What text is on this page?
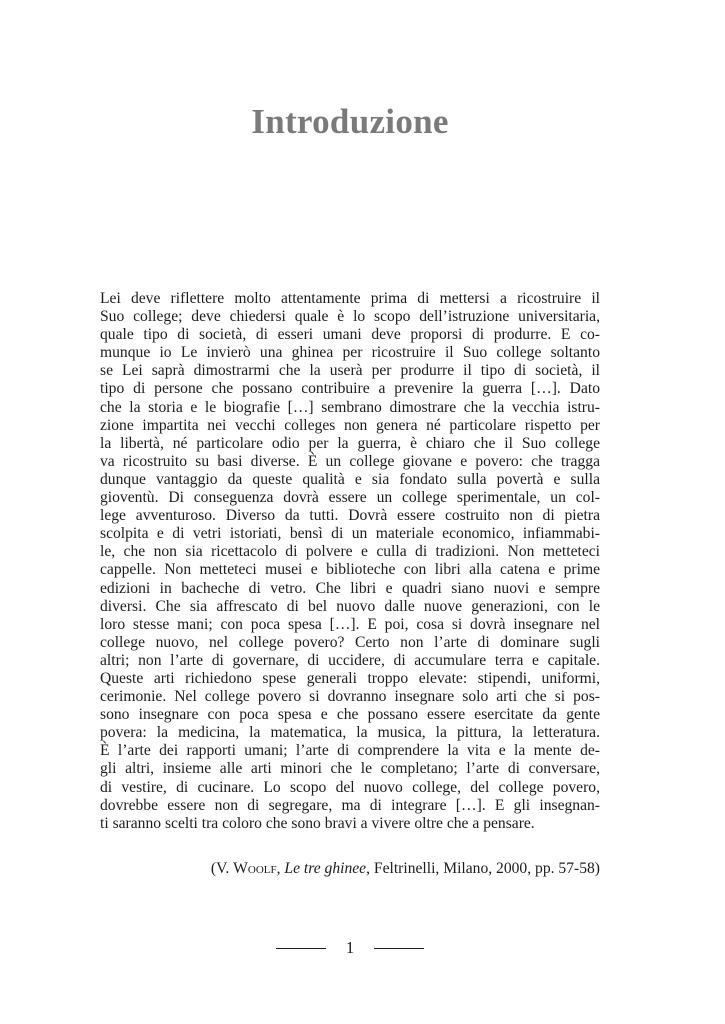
Introduzione
Lei deve riflettere molto attentamente prima di mettersi a ricostruire il
Suo college; deve chiedersi quale è lo scopo dell’istruzione universitaria,
quale tipo di società, di esseri umani deve proporsi di produrre. E co-
munque io Le invierò una ghinea per ricostruire il Suo college soltanto
se Lei saprà dimostrarmi che la userà per produrre il tipo di società, il
tipo di persone che possano contribuire a prevenire la guerra […]. Dato
che la storia e le biografie […] sembrano dimostrare che la vecchia istru-
zione impartita nei vecchi colleges non genera né particolare rispetto per
la libertà, né particolare odio per la guerra, è chiaro che il Suo college
va ricostruito su basi diverse. È un college giovane e povero: che tragga
dunque vantaggio da queste qualità e sia fondato sulla povertà e sulla
gioventù. Di conseguenza dovrà essere un college sperimentale, un col-
lege avventuroso. Diverso da tutti. Dovrà essere costruito non di pietra
scolpita e di vetri istoriati, bensì di un materiale economico, infiammabi-
le, che non sia ricettacolo di polvere e culla di tradizioni. Non metteteci
cappelle. Non metteteci musei e biblioteche con libri alla catena e prime
edizioni in bacheche di vetro. Che libri e quadri siano nuovi e sempre
diversi. Che sia affrescato di bel nuovo dalle nuove generazioni, con le
loro stesse mani; con poca spesa […]. E poi, cosa si dovrà insegnare nel
college nuovo, nel college povero? Certo non l’arte di dominare sugli
altri; non l’arte di governare, di uccidere, di accumulare terra e capitale.
Queste arti richiedono spese generali troppo elevate: stipendi, uniformi,
cerimonie. Nel college povero si dovranno insegnare solo arti che si pos-
sono insegnare con poca spesa e che possano essere esercitate da gente
povera: la medicina, la matematica, la musica, la pittura, la letteratura.
È l’arte dei rapporti umani; l’arte di comprendere la vita e la mente de-
gli altri, insieme alle arti minori che le completano; l’arte di conversare,
di vestire, di cucinare. Lo scopo del nuovo college, del college povero,
dovrebbe essere non di segregare, ma di integrare […]. E gli insegnan-
ti saranno scelti tra coloro che sono bravi a vivere oltre che a pensare.
(V. Woolf, Le tre ghinee, Feltrinelli, Milano, 2000, pp. 57-58)
1
